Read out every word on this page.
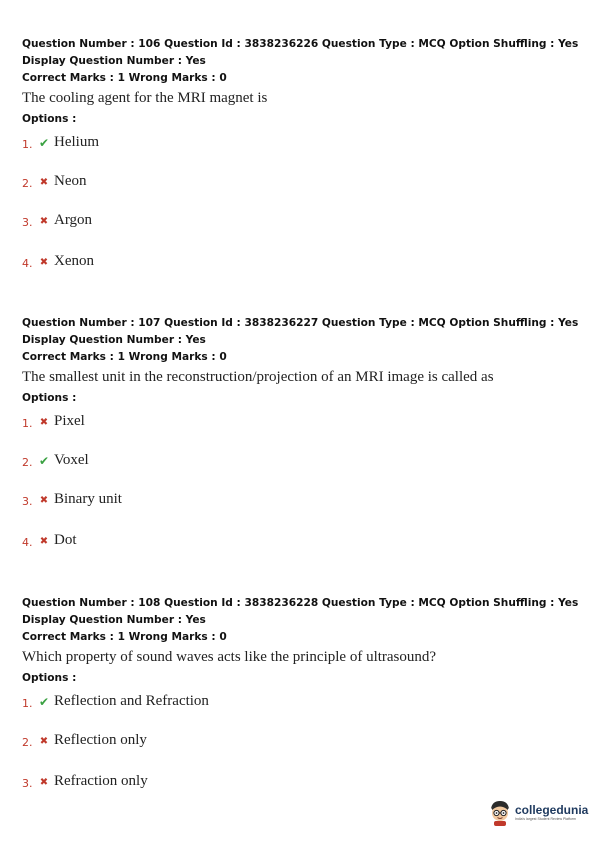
Question Number : 106 Question Id : 3838236226 Question Type : MCQ Option Shuffling : Yes
Display Question Number : Yes
Correct Marks : 1 Wrong Marks : 0
The cooling agent for the MRI magnet is
Options :
1. ✔ Helium
2. ✖ Neon
3. ✖ Argon
4. ✖ Xenon
Question Number : 107 Question Id : 3838236227 Question Type : MCQ Option Shuffling : Yes
Display Question Number : Yes
Correct Marks : 1 Wrong Marks : 0
The smallest unit in the reconstruction/projection of an MRI image is called as
Options :
1. ✖ Pixel
2. ✔ Voxel
3. ✖ Binary unit
4. ✖ Dot
Question Number : 108 Question Id : 3838236228 Question Type : MCQ Option Shuffling : Yes
Display Question Number : Yes
Correct Marks : 1 Wrong Marks : 0
Which property of sound waves acts like the principle of ultrasound?
Options :
1. ✔ Reflection and Refraction
2. ✖ Reflection only
3. ✖ Refraction only
collegedunia
India's largest Student Review Platform
